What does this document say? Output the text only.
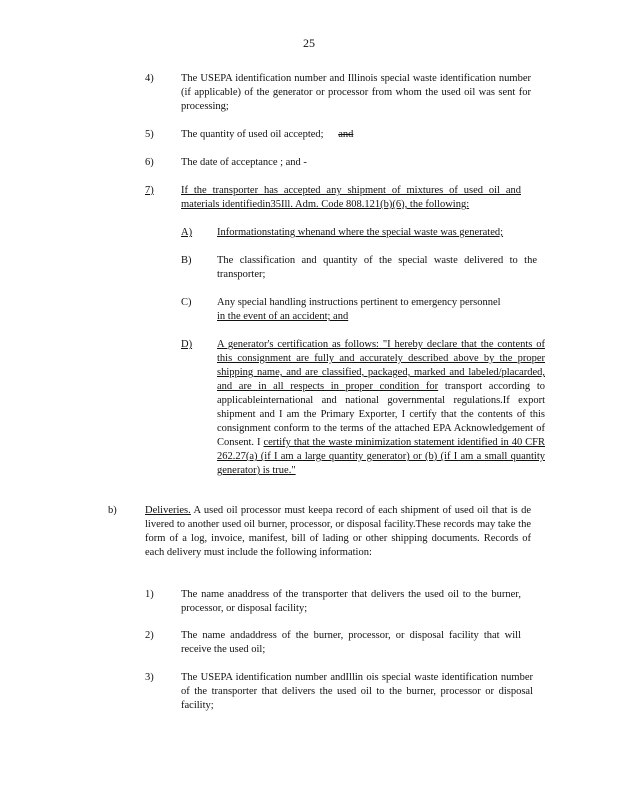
25
4)	The USEPA identification number and Illinois special waste identification number (if applicable) of the generator or processor from whom the used oil was sent for processing;
5)	The quantity of used oil accepted; and
6)	The date of acceptance ; and -
7)	If the transporter has accepted any shipment of mixtures of used oil and materials identifiedin35Ill. Adm. Code 808.121(b)(6), the following:
A) Informationstating whenand where the special waste was generated;
B) The classification and quantity of the special waste delivered to the transporter;
C) Any special handling instructions pertinent to emergency personnel
in the event of an accident; and
D) A generator's certification as follows: "I hereby declare that the contents of this consignment are fully and accurately described above by the proper shipping name, and are classified, packaged, marked and labeled/placarded, and are in all respects in proper condition for transport according to applicableinternational and national governmental regulations.If export shipment and I am the Primary Exporter, I certify that the contents of this consignment conform to the terms of the attached EPA Acknowledgement of Consent. I certify that the waste minimization statement identified in 40 CFR 262.27(a) (if I am a large quantity generator) or (b) (if I am a small quantity generator) is true."
b)	Deliveries. A used oil processor must keepa record of each shipment of used oil that is de livered to another used oil burner, processor, or disposal facility.These records may take the form of a log, invoice, manifest, bill of lading or other shipping documents. Records of each delivery must include the following information:
1)	The name anaddress of the transporter that delivers the used oil to the burner, processor, or disposal facility;
2)	The name andaddress of the burner, processor, or disposal facility that will receive the used oil;
3)	The USEPA identification number andIllin ois special waste identification number of the transporter that delivers the used oil to the burner, processor or disposal facility;
